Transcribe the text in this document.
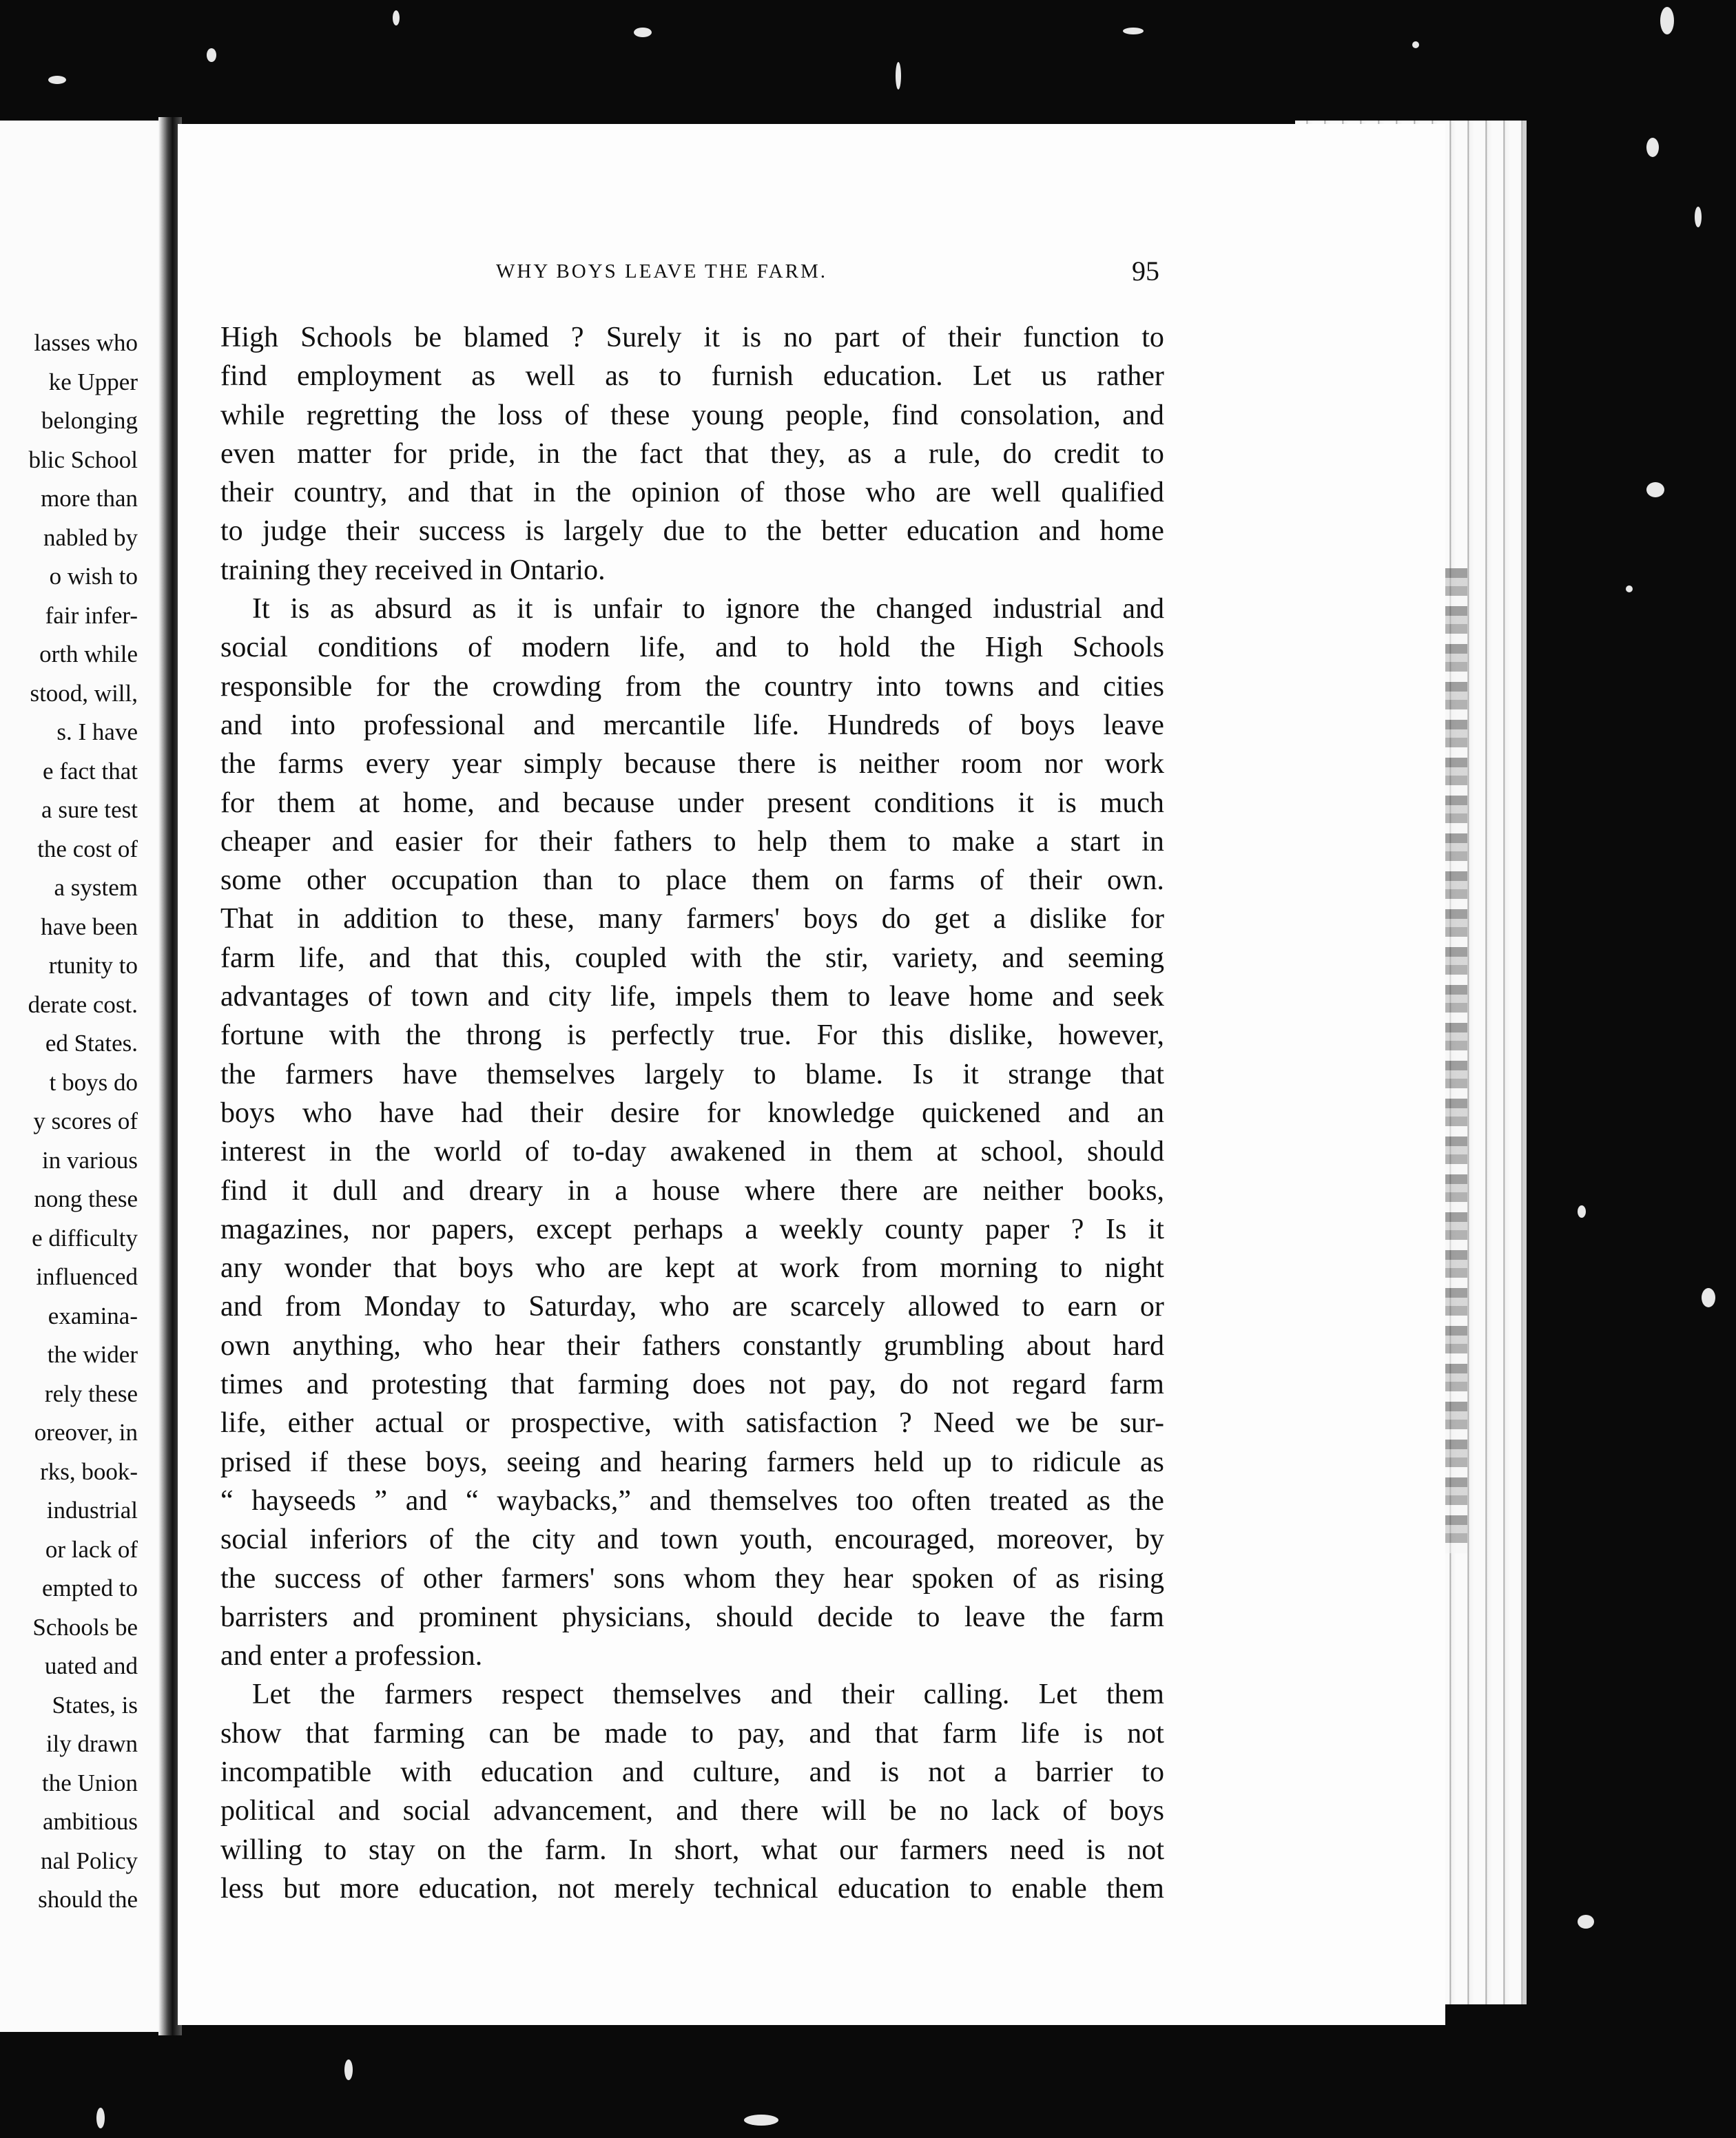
lasses who
ke Upper
belonging
blic School
more than
nabled by
o wish to
fair infer-
orth while
stood, will,
s. I have
e fact that
a sure test
the cost of
a system
have been
rtunity to
derate cost.
ed States.
t boys do
y scores of
in various
nong these
e difficulty
influenced
examina-
the wider
rely these
oreover, in
rks, book-
industrial
or lack of
empted to
Schools be
uated and
States, is
ily drawn
the Union
ambitious
nal Policy
should the
WHY BOYS LEAVE THE FARM.	95
High Schools be blamed ? Surely it is no part of their function to
find employment as well as to furnish education. Let us rather
while regretting the loss of these young people, find consolation, and
even matter for pride, in the fact that they, as a rule, do credit to
their country, and that in the opinion of those who are well qualified
to judge their success is largely due to the better education and home
training they received in Ontario.
It is as absurd as it is unfair to ignore the changed industrial and
social conditions of modern life, and to hold the High Schools
responsible for the crowding from the country into towns and cities
and into professional and mercantile life. Hundreds of boys leave
the farms every year simply because there is neither room nor work
for them at home, and because under present conditions it is much
cheaper and easier for their fathers to help them to make a start in
some other occupation than to place them on farms of their own.
That in addition to these, many farmers' boys do get a dislike for
farm life, and that this, coupled with the stir, variety, and seeming
advantages of town and city life, impels them to leave home and seek
fortune with the throng is perfectly true. For this dislike, however,
the farmers have themselves largely to blame. Is it strange that
boys who have had their desire for knowledge quickened and an
interest in the world of to-day awakened in them at school, should
find it dull and dreary in a house where there are neither books,
magazines, nor papers, except perhaps a weekly county paper ? Is it
any wonder that boys who are kept at work from morning to night
and from Monday to Saturday, who are scarcely allowed to earn or
own anything, who hear their fathers constantly grumbling about hard
times and protesting that farming does not pay, do not regard farm
life, either actual or prospective, with satisfaction ? Need we be sur-
prised if these boys, seeing and hearing farmers held up to ridicule as
“ hayseeds ” and “ waybacks,” and themselves too often treated as the
social inferiors of the city and town youth, encouraged, moreover, by
the success of other farmers' sons whom they hear spoken of as rising
barristers and prominent physicians, should decide to leave the farm
and enter a profession.
Let the farmers respect themselves and their calling. Let them
show that farming can be made to pay, and that farm life is not
incompatible with education and culture, and is not a barrier to
political and social advancement, and there will be no lack of boys
willing to stay on the farm. In short, what our farmers need is not
less but more education, not merely technical education to enable them
